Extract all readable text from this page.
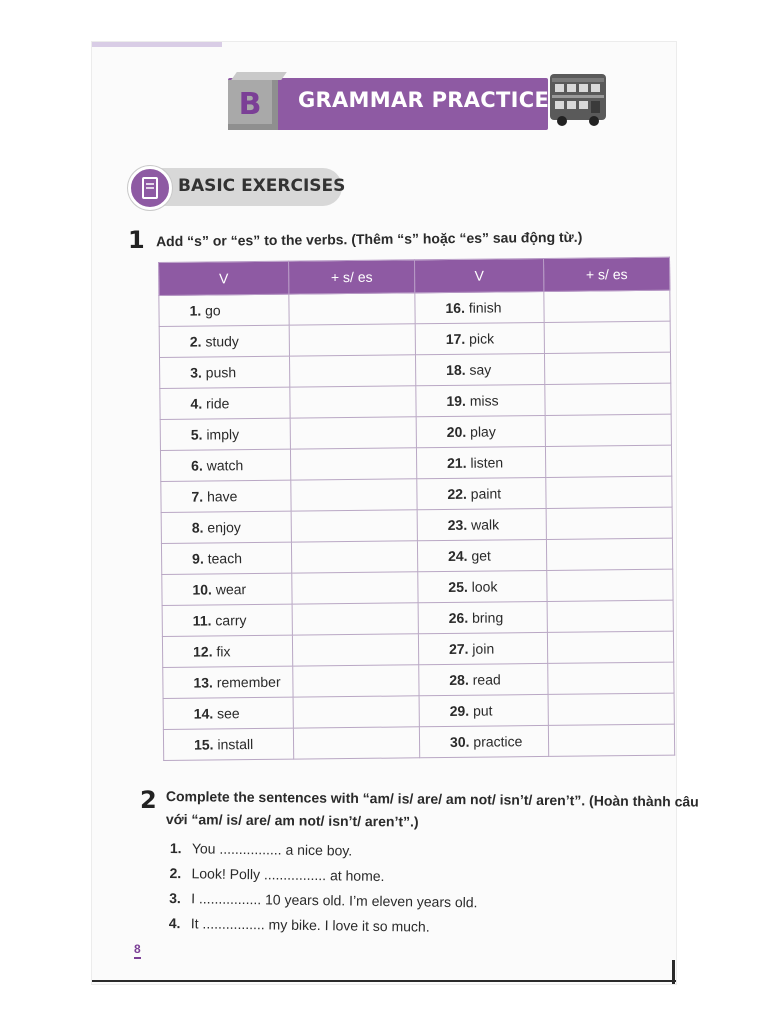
GRAMMAR PRACTICE
B
BASIC EXERCISES
1 Add “s” or “es” to the verbs. (Thêm “s” hoặc “es” sau động từ.)
V	+ s/ es	V	+ s/ es
1. go		16. finish	
2. study		17. pick	
3. push		18. say	
4. ride		19. miss	
5. imply		20. play	
6. watch		21. listen	
7. have		22. paint	
8. enjoy		23. walk	
9. teach		24. get	
10. wear		25. look	
11. carry		26. bring	
12. fix		27. join	
13. remember		28. read	
14. see		29. put	
15. install		30. practice	
2 Complete the sentences with “am/ is/ are/ am not/ isn’t/ aren’t”. (Hoàn thành câu
với “am/ is/ are/ am not/ isn’t/ aren’t”.)
1. You ................ a nice boy.
2. Look! Polly ................ at home.
3. I ................ 10 years old. I’m eleven years old.
4. It ................ my bike. I love it so much.
8
